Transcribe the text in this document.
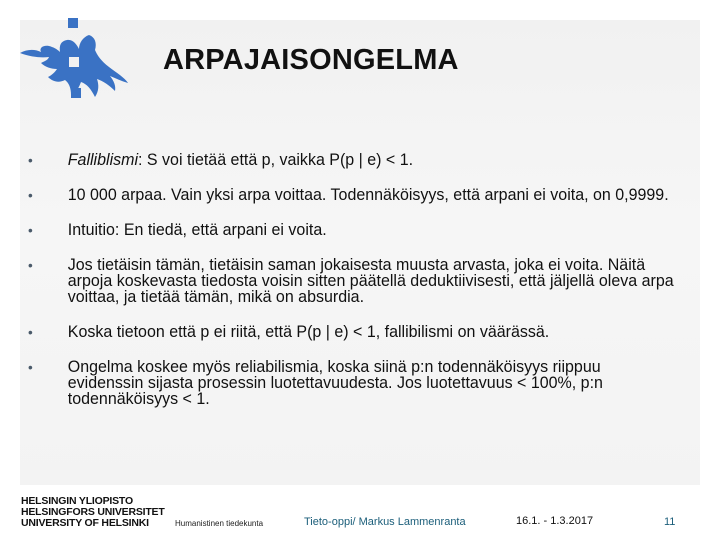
ARPAJAISONGELMA
• Falliblismi: S voi tietää että p, vaikka P(p | e) < 1.
• 10 000 arpaa. Vain yksi arpa voittaa. Todennäköisyys, että arpani ei voita, on 0,9999.
• Intuitio: En tiedä, että arpani ei voita.
• Jos tietäisin tämän, tietäisin saman jokaisesta muusta arvasta, joka ei voita. Näitä arpoja koskevasta tiedosta voisin sitten päätellä deduktiivisesti, että jäljellä oleva arpa voittaa, ja tietää tämän, mikä on absurdia.
• Koska tietoon että p ei riitä, että P(p | e) < 1, fallibilismi on väärässä.
• Ongelma koskee myös reliabilismia, koska siinä p:n todennäköisyys riippuu evidenssin sijasta prosessin luotettavuudesta. Jos luotettavuus < 100%, p:n todennäköisyys < 1.
HELSINGIN YLIOPISTO
HELSINGFORS UNIVERSITET
UNIVERSITY OF HELSINKI	Humanistinen tiedekunta	Tieto-oppi/ Markus Lammenranta	16.1. - 1.3.2017	11
